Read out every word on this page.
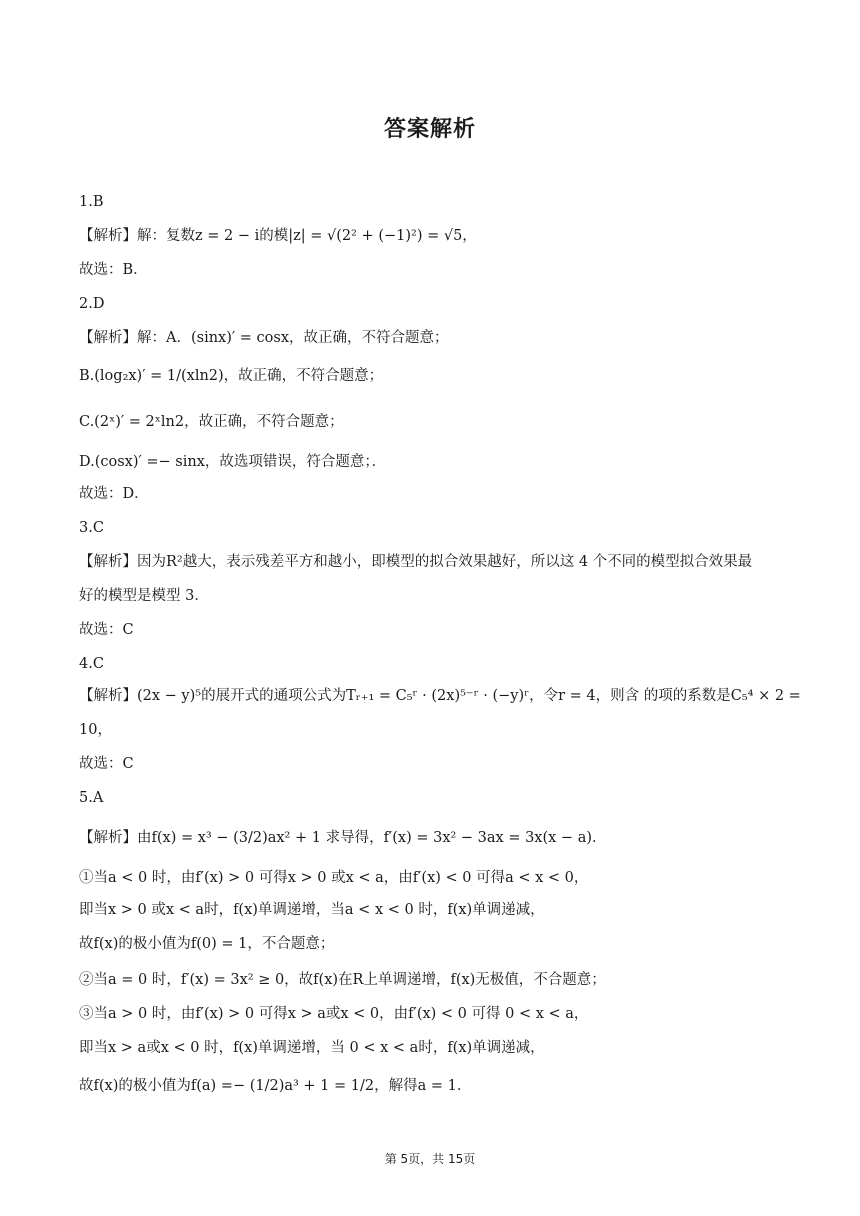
答案解析
1.B
【解析】解：复数z = 2 − i的模|z| = √(2² + (−1)²) = √5，
故选：B．
2.D
【解析】解：A．(sinx)′ = cosx，故正确，不符合题意；
B.(log₂x)′ = 1/(xln2)，故正确，不符合题意；
C.(2ˣ)′ = 2ˣln2，故正确，不符合题意；
D.(cosx)′ =− sinx，故选项错误，符合题意；．
故选：D．
3.C
【解析】因为R²越大，表示残差平方和越小，即模型的拟合效果越好，所以这 4 个不同的模型拟合效果最
好的模型是模型 3．
故选：C
4.C
【解析】(2x − y)⁵的展开式的通项公式为Tᵣ₊₁ = C₅ʳ · (2x)⁵⁻ʳ · (−y)ʳ，令r = 4，则含 的项的系数是C₅⁴ × 2 =
10，
故选：C
5.A
【解析】由f(x) = x³ − (3/2)ax² + 1 求导得，f′(x) = 3x² − 3ax = 3x(x − a)．
①当a < 0 时，由f′(x) > 0 可得x > 0 或x < a，由f′(x) < 0 可得a < x < 0，
即当x > 0 或x < a时，f(x)单调递增，当a < x < 0 时，f(x)单调递减，
故f(x)的极小值为f(0) = 1，不合题意；
②当a = 0 时，f′(x) = 3x² ≥ 0，故f(x)在R上单调递增，f(x)无极值，不合题意；
③当a > 0 时，由f′(x) > 0 可得x > a或x < 0，由f′(x) < 0 可得 0 < x < a，
即当x > a或x < 0 时，f(x)单调递增，当 0 < x < a时，f(x)单调递减，
故f(x)的极小值为f(a) =− (1/2)a³ + 1 = 1/2，解得a = 1．
第 5页，共 15页
